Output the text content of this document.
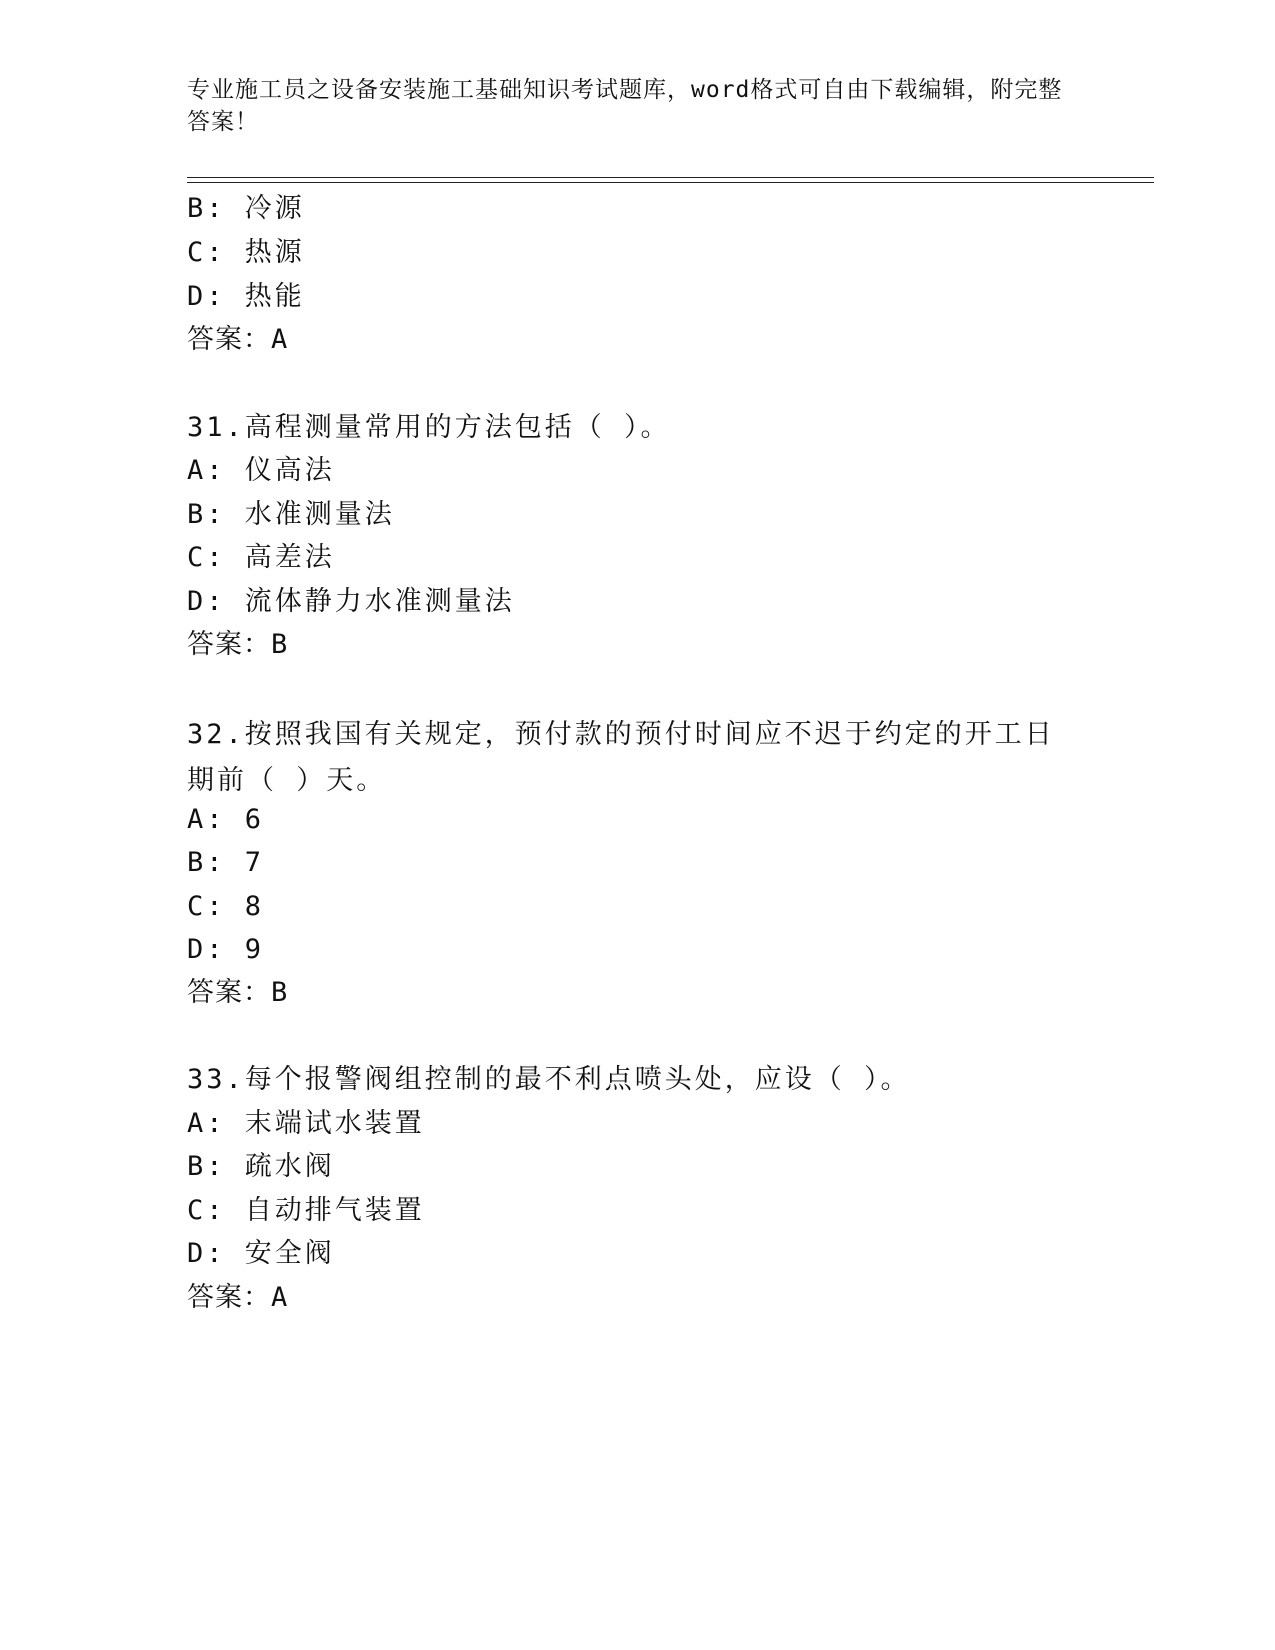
专业施工员之设备安装施工基础知识考试题库，word格式可自由下载编辑，附完整答案！
B: 冷源
C: 热源
D: 热能
答案：A
31.高程测量常用的方法包括（ ）。
A: 仪高法
B: 水准测量法
C: 高差法
D: 流体静力水准测量法
答案：B
32.按照我国有关规定，预付款的预付时间应不迟于约定的开工日期前（ ）天。
A: 6
B: 7
C: 8
D: 9
答案：B
33.每个报警阀组控制的最不利点喷头处，应设（ ）。
A: 末端试水装置
B: 疏水阀
C: 自动排气装置
D: 安全阀
答案：A
